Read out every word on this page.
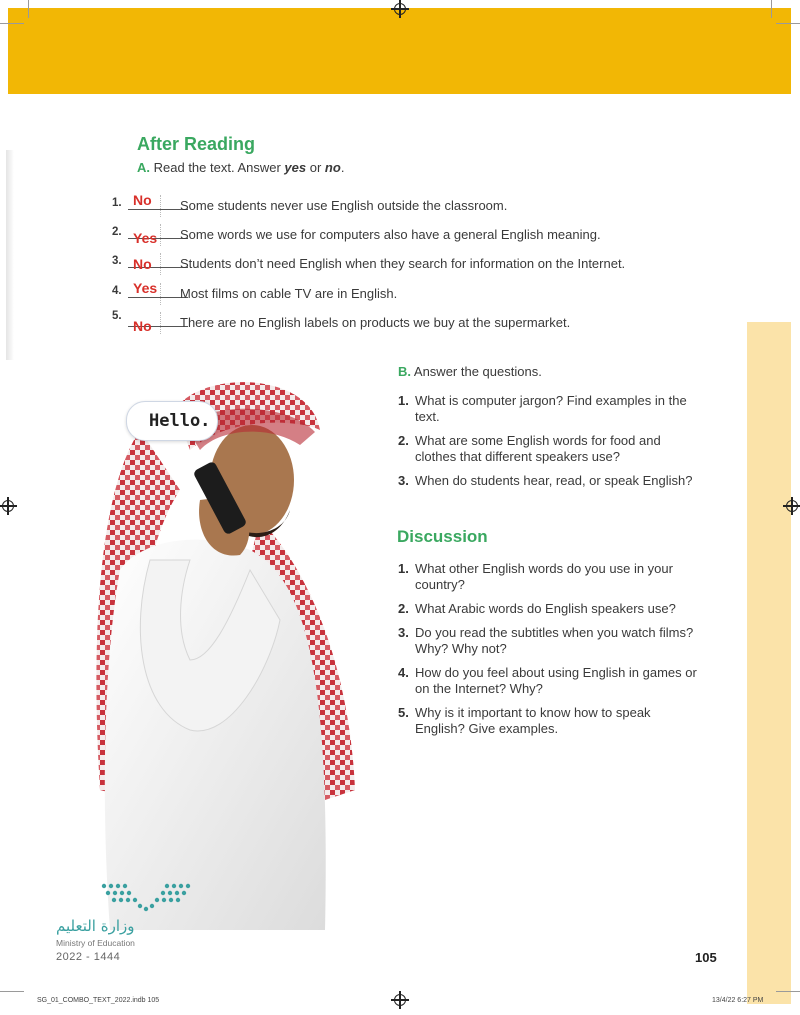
After Reading
A. Read the text. Answer yes or no.
1. No Some students never use English outside the classroom.
2. Yes Some words we use for computers also have a general English meaning.
3. No Students don’t need English when they search for information on the Internet.
4. Yes Most films on cable TV are in English.
5.
No There are no English labels on products we buy at the supermarket.
Hello.
B. Answer the questions.
1. What is computer jargon? Find examples in the text.
2. What are some English words for food and clothes that different speakers use?
3. When do students hear, read, or speak English?
Discussion
1. What other English words do you use in your country?
2. What Arabic words do English speakers use?
3. Do you read the subtitles when you watch films? Why? Why not?
4. How do you feel about using English in games or on the Internet? Why?
5. Why is it important to know how to speak English? Give examples.
وزارة التعليم
Ministry of Education
2022 - 1444	105
SG_01_COMBO_TEXT_2022.indb 105	13/4/22 6:27 PM
